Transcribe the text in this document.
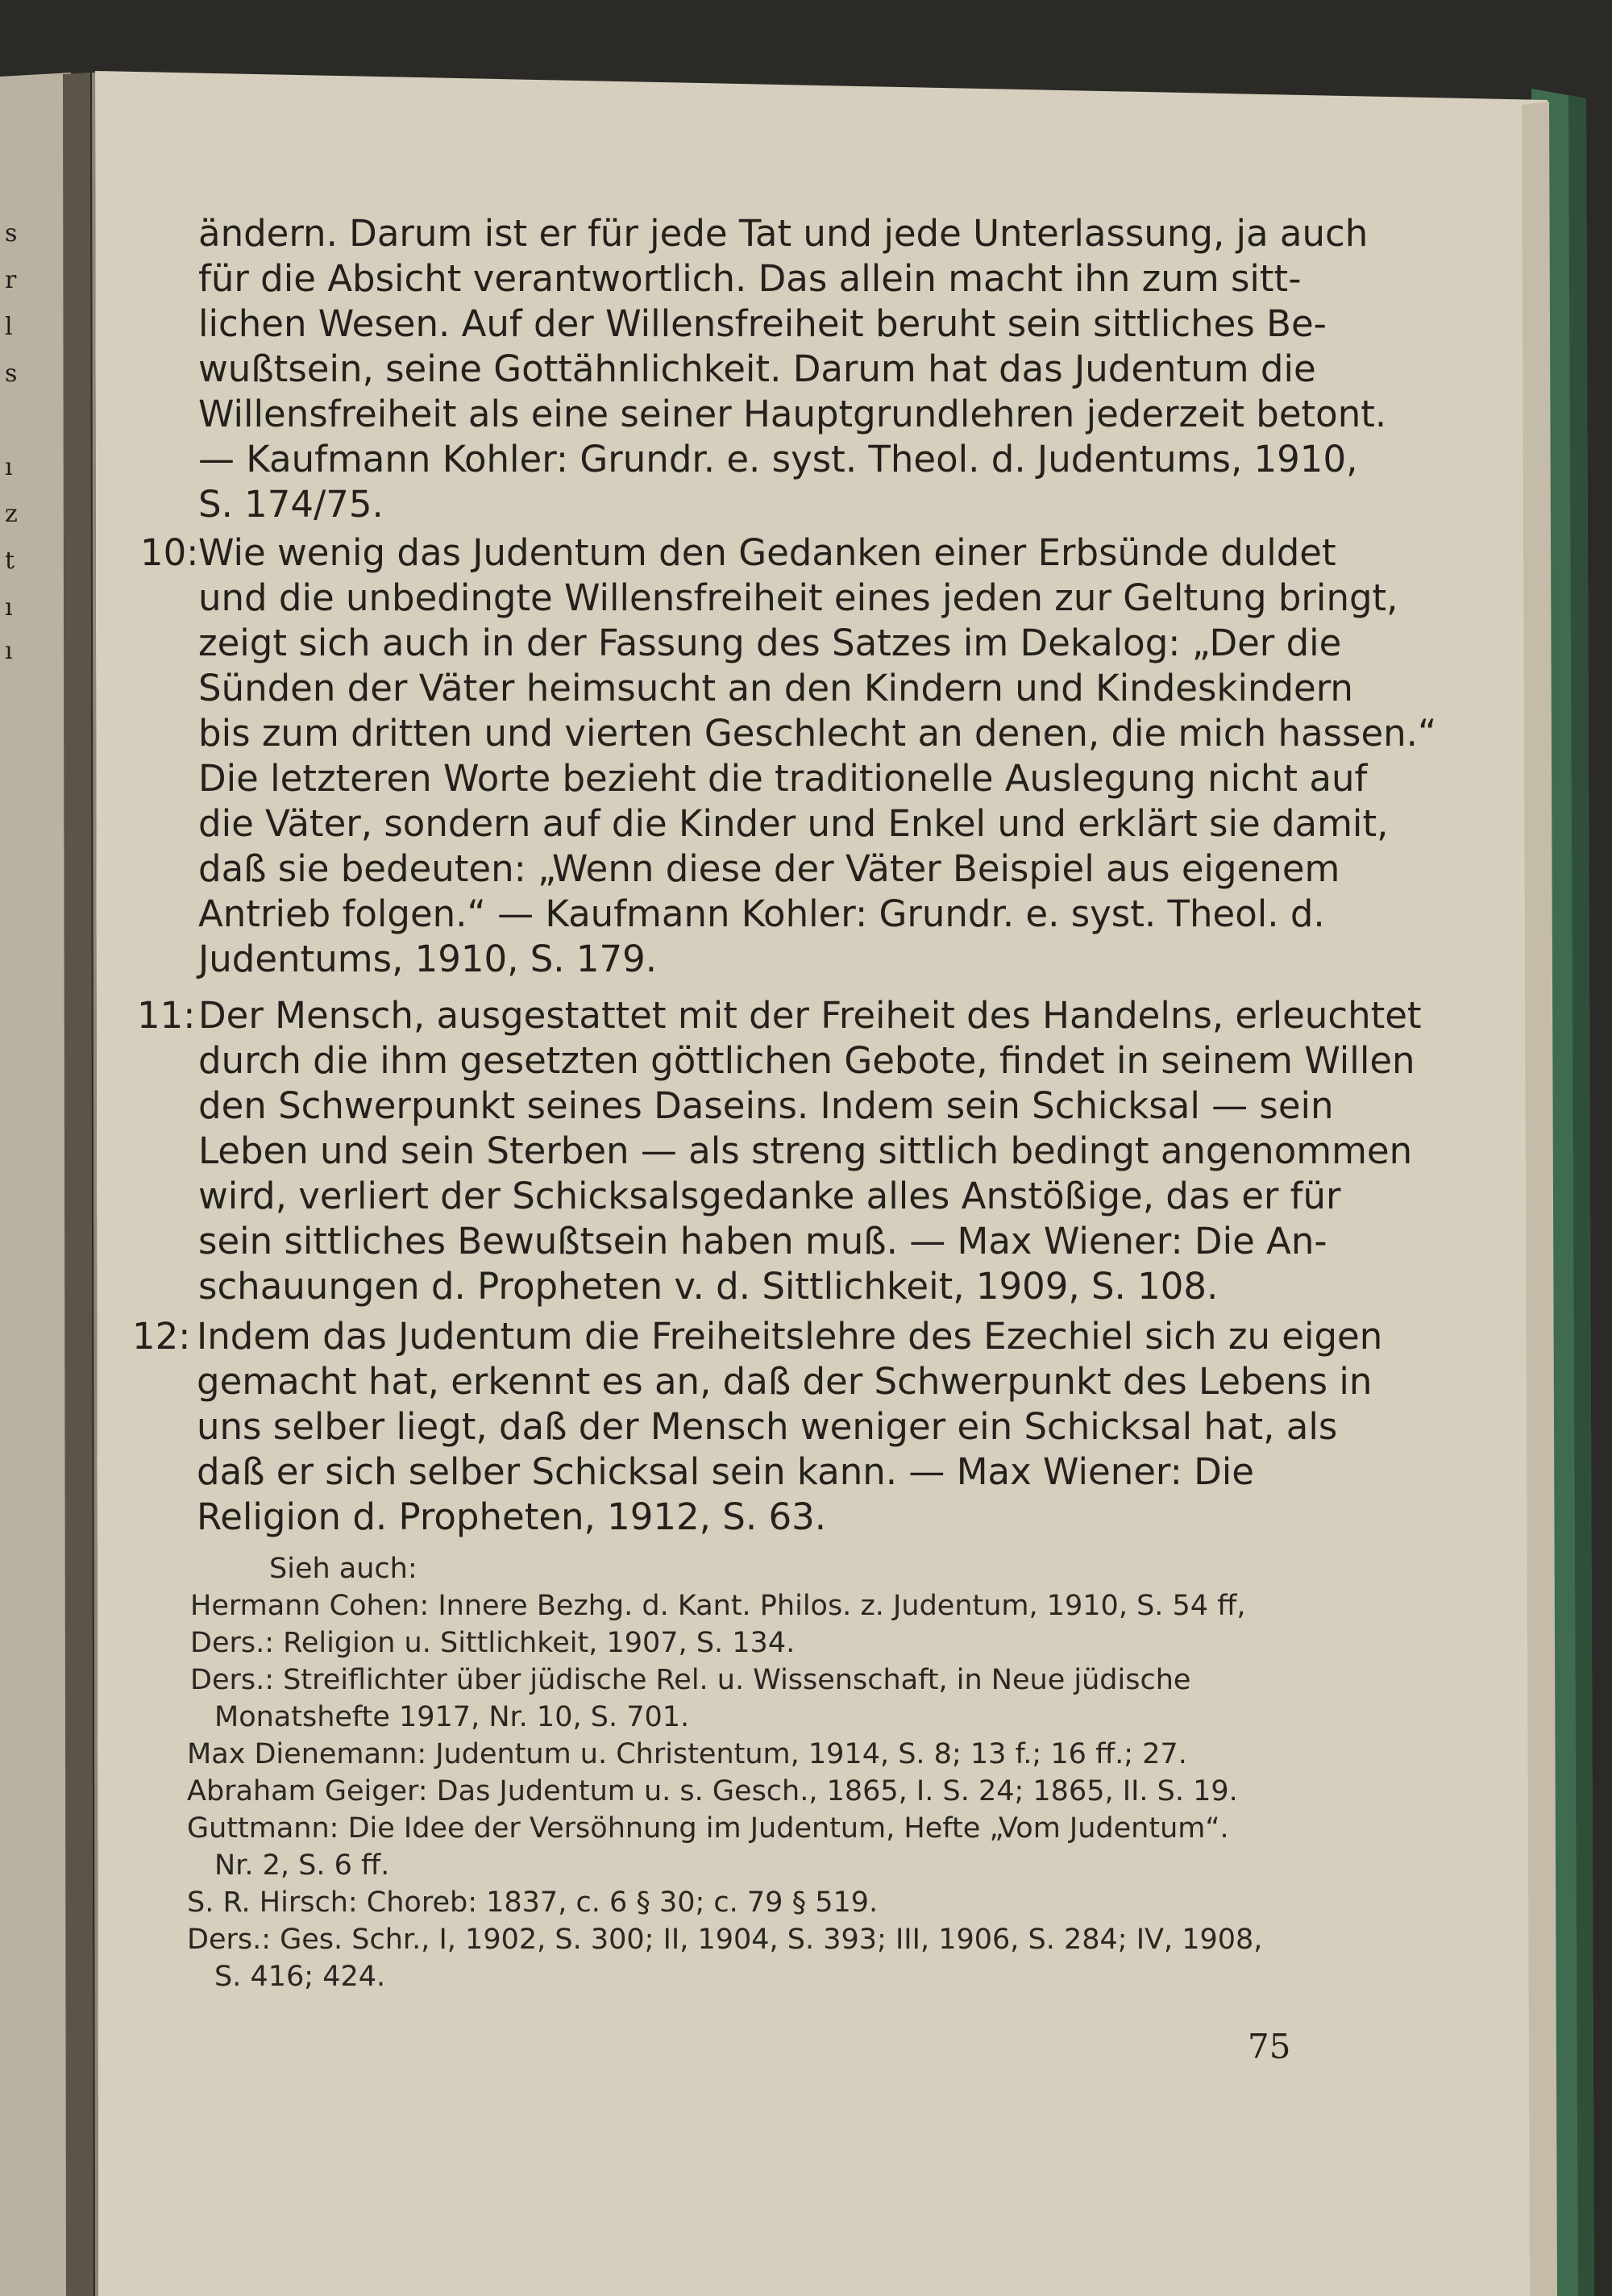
s

r

l

s

ı

z

t

ı

ı

ändern. Darum ist er für jede Tat und jede Unterlassung, ja auch

für die Absicht verantwortlich. Das allein macht ihn zum sitt-

lichen Wesen. Auf der Willensfreiheit beruht sein sittliches Be-

wußtsein, seine Gottähnlichkeit. Darum hat das Judentum die

Willensfreiheit als eine seiner Hauptgrundlehren jederzeit betont.

— Kaufmann Kohler: Grundr. e. syst. Theol. d. Judentums, 1910,

S. 174/75.

10: Wie wenig das Judentum den Gedanken einer Erbsünde duldet

und die unbedingte Willensfreiheit eines jeden zur Geltung bringt,

zeigt sich auch in der Fassung des Satzes im Dekalog: „Der die

Sünden der Väter heimsucht an den Kindern und Kindeskindern

bis zum dritten und vierten Geschlecht an denen, die mich hassen.“

Die letzteren Worte bezieht die traditionelle Auslegung nicht auf

die Väter, sondern auf die Kinder und Enkel und erklärt sie damit,

daß sie bedeuten: „Wenn diese der Väter Beispiel aus eigenem

Antrieb folgen.“ — Kaufmann Kohler: Grundr. e. syst. Theol. d.

Judentums, 1910, S. 179.

11: Der Mensch, ausgestattet mit der Freiheit des Handelns, erleuchtet

durch die ihm gesetzten göttlichen Gebote, findet in seinem Willen

den Schwerpunkt seines Daseins. Indem sein Schicksal — sein

Leben und sein Sterben — als streng sittlich bedingt angenommen

wird, verliert der Schicksalsgedanke alles Anstößige, das er für

sein sittliches Bewußtsein haben muß. — Max Wiener: Die An-

schauungen d. Propheten v. d. Sittlichkeit, 1909, S. 108.

12: Indem das Judentum die Freiheitslehre des Ezechiel sich zu eigen

gemacht hat, erkennt es an, daß der Schwerpunkt des Lebens in

uns selber liegt, daß der Mensch weniger ein Schicksal hat, als

daß er sich selber Schicksal sein kann. — Max Wiener: Die

Religion d. Propheten, 1912, S. 63.

Sieh auch:

Hermann Cohen: Innere Bezhg. d. Kant. Philos. z. Judentum, 1910, S. 54 ff,

Ders.: Religion u. Sittlichkeit, 1907, S. 134.

Ders.: Streiflichter über jüdische Rel. u. Wissenschaft, in Neue jüdische

Monatshefte 1917, Nr. 10, S. 701.

Max Dienemann: Judentum u. Christentum, 1914, S. 8; 13 f.; 16 ff.; 27.

Abraham Geiger: Das Judentum u. s. Gesch., 1865, I. S. 24; 1865, II. S. 19.

Guttmann: Die Idee der Versöhnung im Judentum, Hefte „Vom Judentum“.

Nr. 2, S. 6 ff.

S. R. Hirsch: Choreb: 1837, c. 6 § 30; c. 79 § 519.

Ders.: Ges. Schr., I, 1902, S. 300; II, 1904, S. 393; III, 1906, S. 284; IV, 1908,

S. 416; 424.

75
